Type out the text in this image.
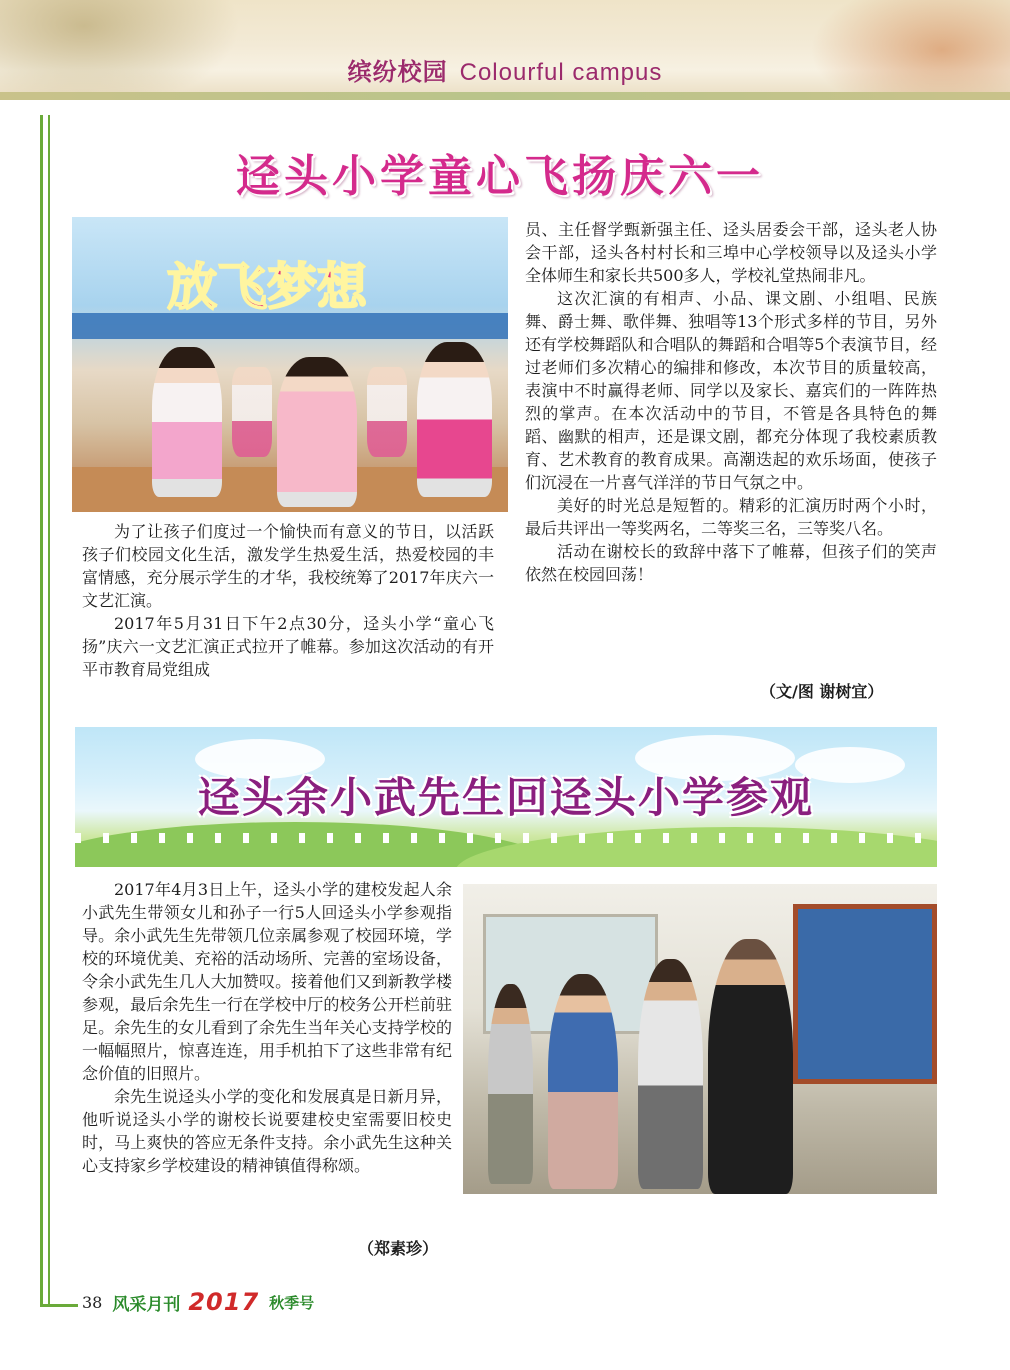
缤纷校园 Colourful campus
迳头小学童心飞扬庆六一
放飞梦想

为了让孩子们度过一个愉快而有意义的节日，以活跃孩子们校园文化生活，激发学生热爱生活，热爱校园的丰富情感，充分展示学生的才华，我校统筹了2017年庆六一文艺汇演。

2017年5月31日下午2点30分，迳头小学“童心飞扬”庆六一文艺汇演正式拉开了帷幕。参加这次活动的有开平市教育局党组成

员、主任督学甄新强主任、迳头居委会干部，迳头老人协会干部，迳头各村村长和三埠中心学校领导以及迳头小学全体师生和家长共500多人，学校礼堂热闹非凡。

这次汇演的有相声、小品、课文剧、小组唱、民族舞、爵士舞、歌伴舞、独唱等13个形式多样的节目，另外还有学校舞蹈队和合唱队的舞蹈和合唱等5个表演节目，经过老师们多次精心的编排和修改，本次节目的质量较高，表演中不时赢得老师、同学以及家长、嘉宾们的一阵阵热烈的掌声。在本次活动中的节目，不管是各具特色的舞蹈、幽默的相声，还是课文剧，都充分体现了我校素质教育、艺术教育的教育成果。高潮迭起的欢乐场面，使孩子们沉浸在一片喜气洋洋的节日气氛之中。

美好的时光总是短暂的。精彩的汇演历时两个小时，最后共评出一等奖两名，二等奖三名，三等奖八名。

活动在谢校长的致辞中落下了帷幕，但孩子们的笑声依然在校园回荡！

（文/图 谢树宜）
迳头余小武先生回迳头小学参观

2017年4月3日上午，迳头小学的建校发起人余小武先生带领女儿和孙子一行5人回迳头小学参观指导。余小武先生先带领几位亲属参观了校园环境，学校的环境优美、充裕的活动场所、完善的室场设备，令余小武先生几人大加赞叹。接着他们又到新教学楼参观，最后余先生一行在学校中厅的校务公开栏前驻足。余先生的女儿看到了余先生当年关心支持学校的一幅幅照片，惊喜连连，用手机拍下了这些非常有纪念价值的旧照片。

余先生说迳头小学的变化和发展真是日新月异，他听说迳头小学的谢校长说要建校史室需要旧校史时，马上爽快的答应无条件支持。余小武先生这种关心支持家乡学校建设的精神镇值得称颂。

（郑素珍）
38 风采月刊 2017 秋季号
